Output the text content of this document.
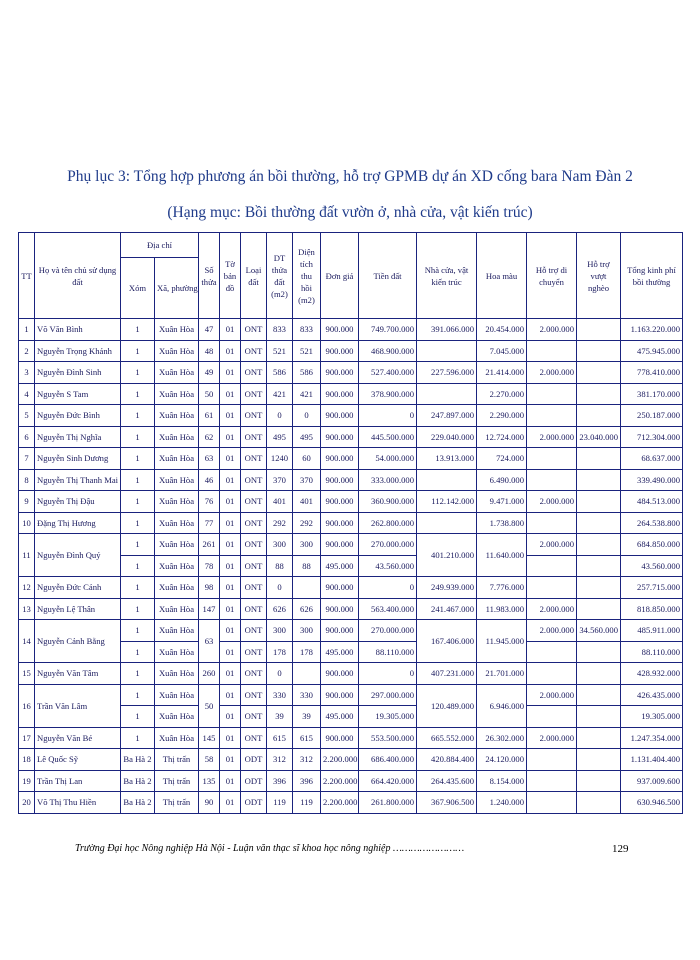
Phụ lục 3: Tổng hợp phương án bồi thường, hỗ trợ GPMB dự án XD cống bara Nam Đàn 2
(Hạng mục: Bồi thường đất vườn ở, nhà cửa, vật kiến trúc)
TT	Họ và tên chủ sử dụng đất	Địa chỉ		Số thửa	Tờ bản đồ	Loại đất	DT thửa đất (m2)	Diện tích thu hồi (m2)	Đơn giá	Tiền đất	Nhà cửa, vật kiến trúc	Hoa màu	Hỗ trợ di chuyển	Hỗ trợ vượt nghèo	Tổng kinh phí bồi thường
		Xóm	Xã, phường												
1	Võ Văn Bình	1	Xuân Hòa	47	01	ONT	833	833	900.000	749.700.000	391.066.000	20.454.000	2.000.000		1.163.220.000
2	Nguyễn Trọng Khánh	1	Xuân Hòa	48	01	ONT	521	521	900.000	468.900.000		7.045.000			475.945.000
3	Nguyễn Đình Sinh	1	Xuân Hòa	49	01	ONT	586	586	900.000	527.400.000	227.596.000	21.414.000	2.000.000		778.410.000
4	Nguyễn S Tam	1	Xuân Hòa	50	01	ONT	421	421	900.000	378.900.000		2.270.000			381.170.000
5	Nguyễn Đức Bình	1	Xuân Hòa	61	01	ONT	0	0	900.000	0	247.897.000	2.290.000			250.187.000
6	Nguyễn Thị Nghĩa	1	Xuân Hòa	62	01	ONT	495	495	900.000	445.500.000	229.040.000	12.724.000	2.000.000	23.040.000	712.304.000
7	Nguyễn Sinh Dương	1	Xuân Hòa	63	01	ONT	1240	60	900.000	54.000.000	13.913.000	724.000			68.637.000
8	Nguyễn Thị Thanh Mai	1	Xuân Hòa	46	01	ONT	370	370	900.000	333.000.000		6.490.000			339.490.000
9	Nguyễn Thị Đậu	1	Xuân Hòa	76	01	ONT	401	401	900.000	360.900.000	112.142.000	9.471.000	2.000.000		484.513.000
10	Đặng Thị Hương	1	Xuân Hòa	77	01	ONT	292	292	900.000	262.800.000		1.738.800			264.538.800
11	Nguyễn Đình Quý	1	Xuân Hòa	261	01	ONT	300	300	900.000	270.000.000	401.210.000	11.640.000	2.000.000		684.850.000
		1	Xuân Hòa	78	01	ONT	88	88	495.000	43.560.000					43.560.000
12	Nguyễn Đức Cảnh	1	Xuân Hòa	98	01	ONT	0		900.000	0	249.939.000	7.776.000			257.715.000
13	Nguyễn Lệ Thân	1	Xuân Hòa	147	01	ONT	626	626	900.000	563.400.000	241.467.000	11.983.000	2.000.000		818.850.000
14	Nguyễn Cảnh Bằng	1	Xuân Hòa	63	01	ONT	300	300	900.000	270.000.000	167.406.000	11.945.000	2.000.000	34.560.000	485.911.000
		1	Xuân Hòa		01	ONT	178	178	495.000	88.110.000					88.110.000
15	Nguyễn Văn Tâm	1	Xuân Hòa	260	01	ONT	0		900.000	0	407.231.000	21.701.000			428.932.000
16	Trần Văn Lâm	1	Xuân Hòa	50	01	ONT	330	330	900.000	297.000.000	120.489.000	6.946.000	2.000.000		426.435.000
		1	Xuân Hòa		01	ONT	39	39	495.000	19.305.000					19.305.000
17	Nguyễn Văn Bé	1	Xuân Hòa	145	01	ONT	615	615	900.000	553.500.000	665.552.000	26.302.000	2.000.000		1.247.354.000
18	Lê Quốc Sỹ	Ba Hà 2	Thị trấn	58	01	ODT	312	312	2.200.000	686.400.000	420.884.400	24.120.000			1.131.404.400
19	Trần Thị Lan	Ba Hà 2	Thị trấn	135	01	ODT	396	396	2.200.000	664.420.000	264.435.600	8.154.000			937.009.600
20	Võ Thị Thu Hiền	Ba Hà 2	Thị trấn	90	01	ODT	119	119	2.200.000	261.800.000	367.906.500	1.240.000			630.946.500
Trường Đại học Nông nghiệp Hà Nội - Luận văn thạc sĩ khoa học nông nghiệp ……………………	129
